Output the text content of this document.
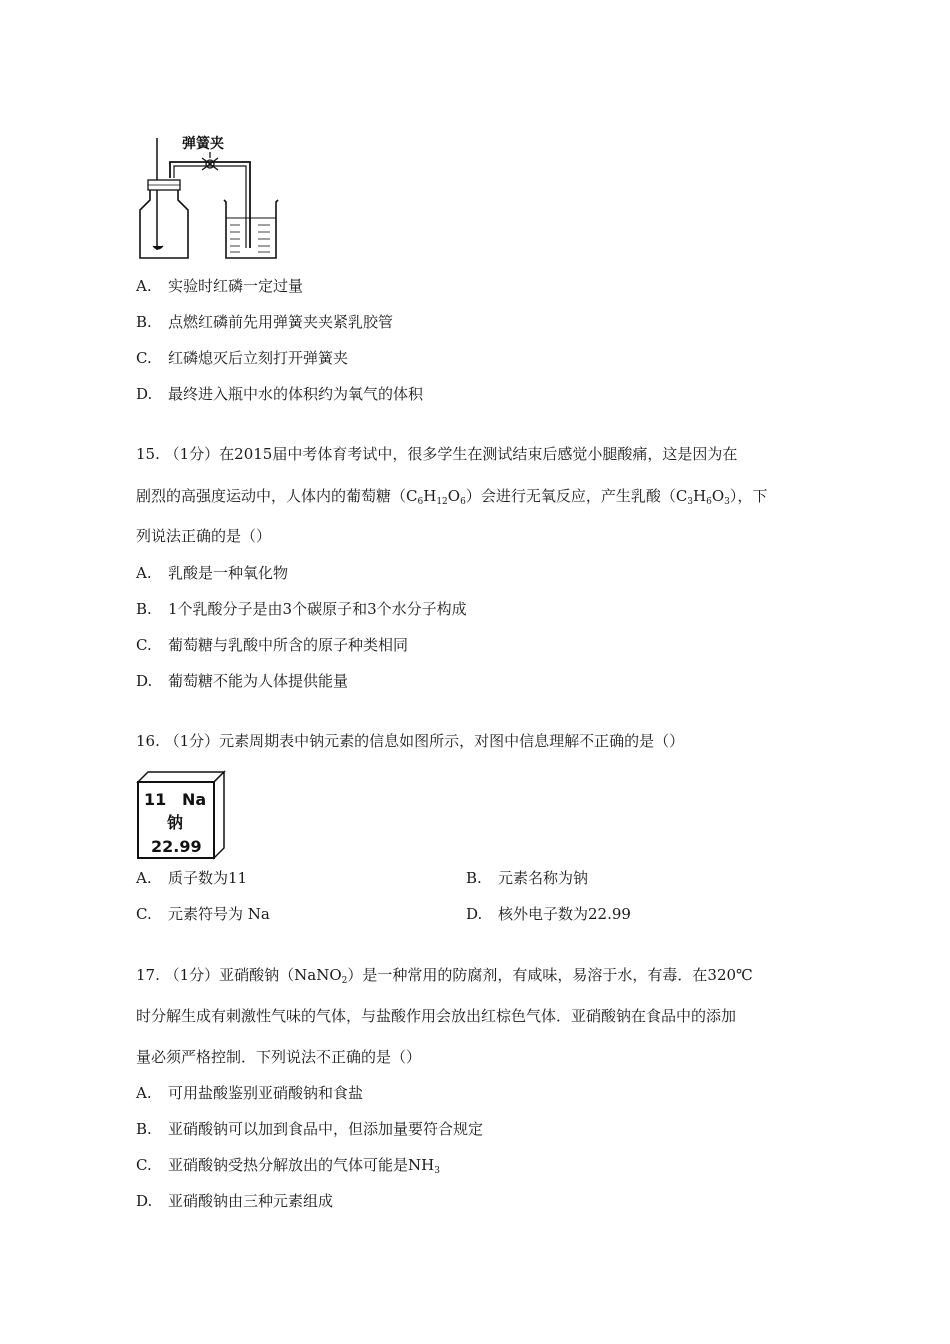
弹簧夹
A. 实验时红磷一定过量
B. 点燃红磷前先用弹簧夹夹紧乳胶管
C. 红磷熄灭后立刻打开弹簧夹
D. 最终进入瓶中水的体积约为氧气的体积
15. （1分）在2015届中考体育考试中，很多学生在测试结束后感觉小腿酸痛，这是因为在
剧烈的高强度运动中，人体内的葡萄糖$(C_6H_{12}O_6)$会进行无氧反应，产生乳酸$(C_3H_6O_3)$，下
列说法正确的是（）
A. 乳酸是一种氧化物
B. 1个乳酸分子是由3个碳原子和3个水分子构成
C. 葡萄糖与乳酸中所含的原子种类相同
D. 葡萄糖不能为人体提供能量
16. （1分）元素周期表中钠元素的信息如图所示，对图中信息理解不正确的是（）
11 Na
钠
22.99
A. 质子数为11	B. 元素名称为钠
C. 元素符号为 Na	D. 核外电子数为22.99
17. （1分）亚硝酸钠（NaNO$_2$）是一种常用的防腐剂，有咸味，易溶于水，有毒．在320℃
时分解生成有刺激性气味的气体，与盐酸作用会放出红棕色气体．亚硝酸钠在食品中的添加
量必须严格控制．下列说法不正确的是（）
A. 可用盐酸鉴别亚硝酸钠和食盐
B. 亚硝酸钠可以加到食品中，但添加量要符合规定
C. 亚硝酸钠受热分解放出的气体可能是$NH_3$
D. 亚硝酸钠由三种元素组成
